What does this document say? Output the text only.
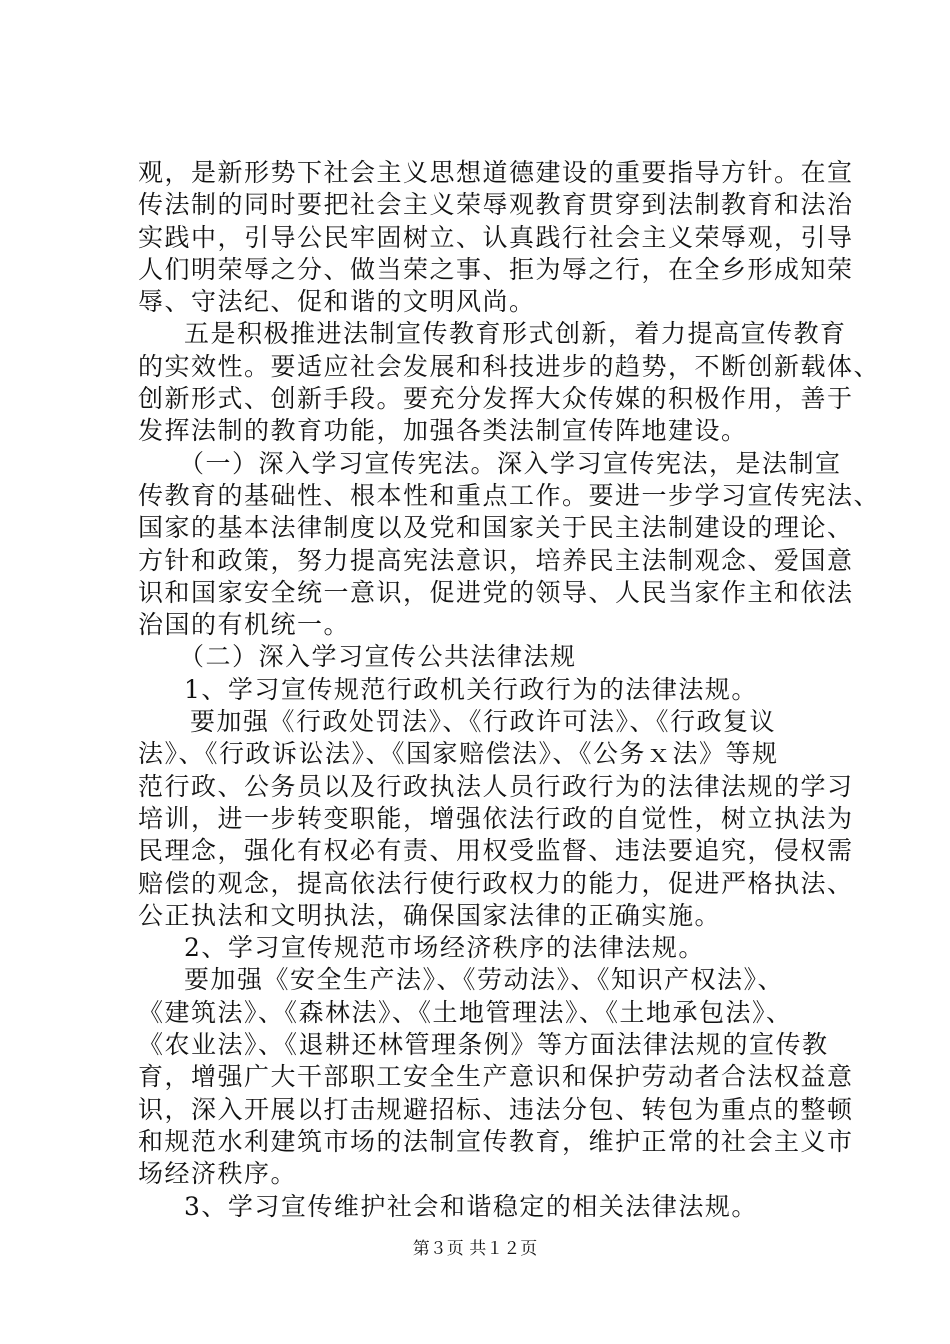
观，是新形势下社会主义思想道德建设的重要指导方针。在宣
传法制的同时要把社会主义荣辱观教育贯穿到法制教育和法治
实践中，引导公民牢固树立、认真践行社会主义荣辱观，引导
人们明荣辱之分、做当荣之事、拒为辱之行，在全乡形成知荣
辱、守法纪、促和谐的文明风尚。
五是积极推进法制宣传教育形式创新，着力提高宣传教育
的实效性。要适应社会发展和科技进步的趋势，不断创新载体、
创新形式、创新手段。要充分发挥大众传媒的积极作用，善于
发挥法制的教育功能，加强各类法制宣传阵地建设。
（一）深入学习宣传宪法。深入学习宣传宪法，是法制宣
传教育的基础性、根本性和重点工作。要进一步学习宣传宪法、
国家的基本法律制度以及党和国家关于民主法制建设的理论、
方针和政策，努力提高宪法意识，培养民主法制观念、爱国意
识和国家安全统一意识，促进党的领导、人民当家作主和依法
治国的有机统一。
（二）深入学习宣传公共法律法规
1、学习宣传规范行政机关行政行为的法律法规。
要加强《行政处罚法》、《行政许可法》、《行政复议
法》、《行政诉讼法》、《国家赔偿法》、《公务ｘ法》等规
范行政、公务员以及行政执法人员行政行为的法律法规的学习
培训，进一步转变职能，增强依法行政的自觉性，树立执法为
民理念，强化有权必有责、用权受监督、违法要追究，侵权需
赔偿的观念，提高依法行使行政权力的能力，促进严格执法、
公正执法和文明执法，确保国家法律的正确实施。
2、学习宣传规范市场经济秩序的法律法规。
要加强《安全生产法》、《劳动法》、《知识产权法》、
《建筑法》、《森林法》、《土地管理法》、《土地承包法》、
《农业法》、《退耕还林管理条例》等方面法律法规的宣传教
育，增强广大干部职工安全生产意识和保护劳动者合法权益意
识，深入开展以打击规避招标、违法分包、转包为重点的整顿
和规范水利建筑市场的法制宣传教育，维护正常的社会主义市
场经济秩序。
3、学习宣传维护社会和谐稳定的相关法律法规。
第３页 共１２页
